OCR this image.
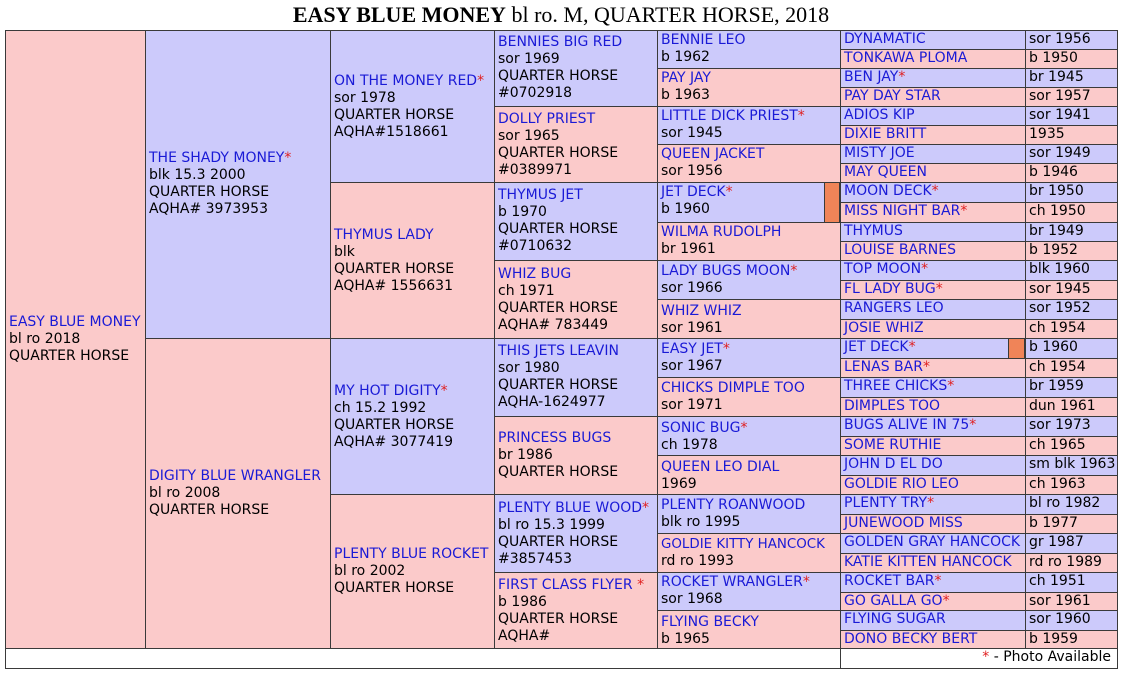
EASY BLUE MONEY bl ro. M, QUARTER HORSE, 2018
EASY BLUE MONEY
bl ro 2018
QUARTER HORSE
THE SHADY MONEY*
blk 15.3 2000
QUARTER HORSE
AQHA# 3973953
DIGITY BLUE WRANGLER
bl ro 2008
QUARTER HORSE
ON THE MONEY RED*
sor 1978
QUARTER HORSE
AQHA#1518661
THYMUS LADY
blk
QUARTER HORSE
AQHA# 1556631
MY HOT DIGITY*
ch 15.2 1992
QUARTER HORSE
AQHA# 3077419
PLENTY BLUE ROCKET
bl ro 2002
QUARTER HORSE
BENNIES BIG RED
sor 1969
QUARTER HORSE
#0702918
DOLLY PRIEST
sor 1965
QUARTER HORSE
#0389971
THYMUS JET
b 1970
QUARTER HORSE
#0710632
WHIZ BUG
ch 1971
QUARTER HORSE
AQHA# 783449
THIS JETS LEAVIN
sor 1980
QUARTER HORSE
AQHA-1624977
PRINCESS BUGS
br 1986
QUARTER HORSE
PLENTY BLUE WOOD*
bl ro 15.3 1999
QUARTER HORSE
#3857453
FIRST CLASS FLYER *
b 1986
QUARTER HORSE
AQHA#
BENNIE LEO
b 1962
PAY JAY
b 1963
LITTLE DICK PRIEST*
sor 1945
QUEEN JACKET
sor 1956
JET DECK*
b 1960
WILMA RUDOLPH
br 1961
LADY BUGS MOON*
sor 1966
WHIZ WHIZ
sor 1961
EASY JET*
sor 1967
CHICKS DIMPLE TOO
sor 1971
SONIC BUG*
ch 1978
QUEEN LEO DIAL
1969
PLENTY ROANWOOD
blk ro 1995
GOLDIE KITTY HANCOCK
rd ro 1993
ROCKET WRANGLER*
sor 1968
FLYING BECKY
b 1965
DYNAMATIC	sor 1956
TONKAWA PLOMA	b 1950
BEN JAY*	br 1945
PAY DAY STAR	sor 1957
ADIOS KIP	sor 1941
DIXIE BRITT	1935
MISTY JOE	sor 1949
MAY QUEEN	b 1946
MOON DECK*	br 1950
MISS NIGHT BAR*	ch 1950
THYMUS	br 1949
LOUISE BARNES	b 1952
TOP MOON*	blk 1960
FL LADY BUG*	sor 1945
RANGERS LEO	sor 1952
JOSIE WHIZ	ch 1954
JET DECK*	b 1960
LENAS BAR*	ch 1954
THREE CHICKS*	br 1959
DIMPLES TOO	dun 1961
BUGS ALIVE IN 75*	sor 1973
SOME RUTHIE	ch 1965
JOHN D EL DO	sm blk 1963
GOLDIE RIO LEO	ch 1963
PLENTY TRY*	bl ro 1982
JUNEWOOD MISS	b 1977
GOLDEN GRAY HANCOCK gr 1987
KATIE KITTEN HANCOCK	rd ro 1989
ROCKET BAR*	ch 1951
GO GALLA GO*	sor 1961
FLYING SUGAR	sor 1960
DONO BECKY BERT	b 1959
* - Photo Available
